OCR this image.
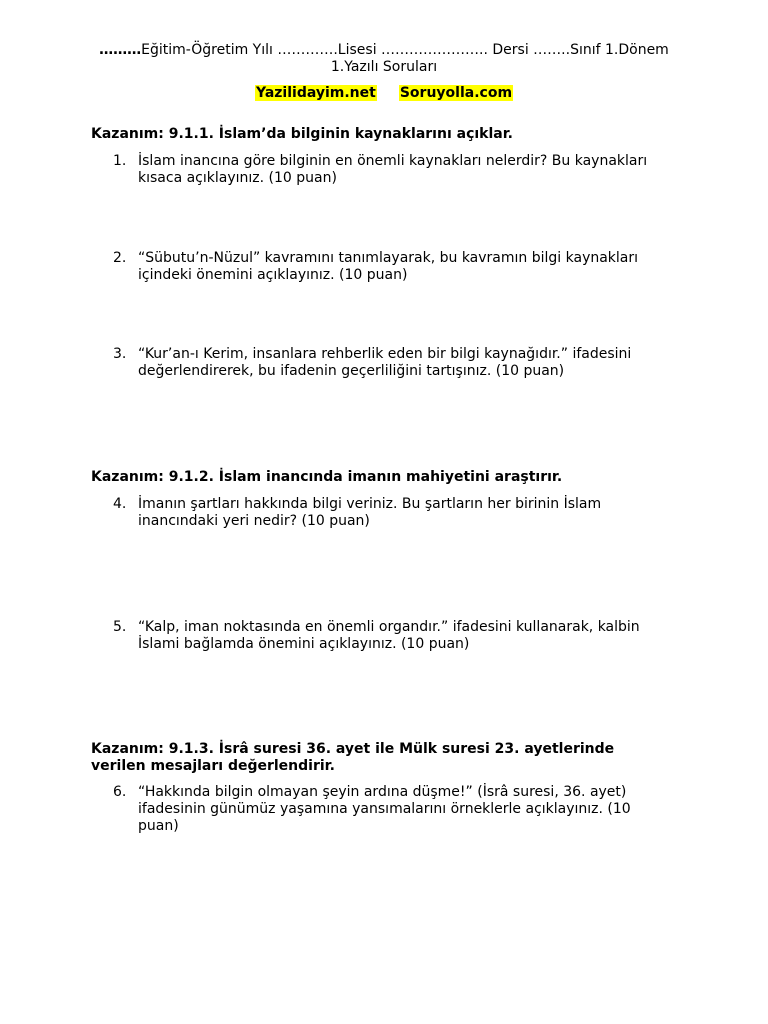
………Eğitim-Öğretim Yılı ………….Lisesi ………………….. Dersi ……..Sınıf 1.Dönem
1.Yazılı Soruları
Yazilidayim.net Soruyolla.com
Kazanım: 9.1.1. İslam’da bilginin kaynaklarını açıklar.
1. İslam inancına göre bilginin en önemli kaynakları nelerdir? Bu kaynakları kısaca açıklayınız. (10 puan)
2. “Sübutu’n-Nüzul” kavramını tanımlayarak, bu kavramın bilgi kaynakları içindeki önemini açıklayınız. (10 puan)
3. “Kur’an-ı Kerim, insanlara rehberlik eden bir bilgi kaynağıdır.” ifadesini değerlendirerek, bu ifadenin geçerliliğini tartışınız. (10 puan)
Kazanım: 9.1.2. İslam inancında imanın mahiyetini araştırır.
4. İmanın şartları hakkında bilgi veriniz. Bu şartların her birinin İslam inancındaki yeri nedir? (10 puan)
5. “Kalp, iman noktasında en önemli organdır.” ifadesini kullanarak, kalbin İslami bağlamda önemini açıklayınız. (10 puan)
Kazanım: 9.1.3. İsrâ suresi 36. ayet ile Mülk suresi 23. ayetlerinde verilen mesajları değerlendirir.
6. “Hakkında bilgin olmayan şeyin ardına düşme!” (İsrâ suresi, 36. ayet) ifadesinin günümüz yaşamına yansımalarını örneklerle açıklayınız. (10 puan)
